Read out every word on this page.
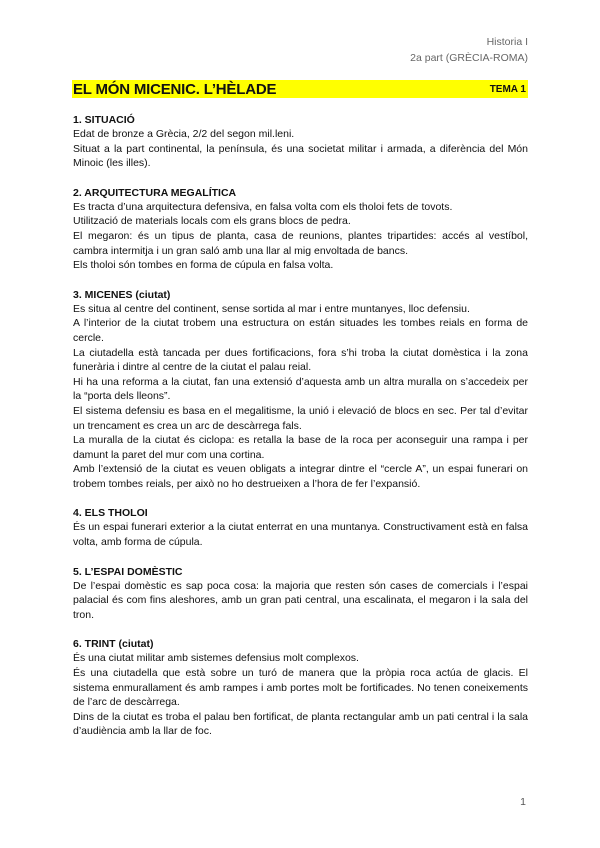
Historia I
2a part (GRÈCIA-ROMA)
EL MÓN MICENIC. L’HÈLADE	TEMA 1
1. SITUACIÓ
Edat de bronze a Grècia, 2/2 del segon mil.leni.
Situat a la part continental, la península, és una societat militar i armada, a diferència del Món Minoic (les illes).
2. ARQUITECTURA MEGALÍTICA
Es tracta d’una arquitectura defensiva, en falsa volta com els tholoi fets de tovots.
Utilització de materials locals com els grans blocs de pedra.
El megaron: és un tipus de planta, casa de reunions, plantes tripartides: accés al vestíbol, cambra intermitja i un gran saló amb una llar al mig envoltada de bancs.
Els tholoi són tombes en forma de cúpula en falsa volta.
3. MICENES (ciutat)
Es situa al centre del continent, sense sortida al mar i entre muntanyes, lloc defensiu.
A l’interior de la ciutat trobem una estructura on están situades les tombes reials en forma de cercle.
La ciutadella està tancada per dues fortificacions, fora s’hi troba la ciutat domèstica i la zona funerària i dintre al centre de la ciutat el palau reial.
Hi ha una reforma a la ciutat, fan una extensió d’aquesta amb un altra muralla on s’accedeix per la “porta dels lleons”.
El sistema defensiu es basa en el megalitisme, la unió i elevació de blocs en sec. Per tal d’evitar un trencament es crea un arc de descàrrega fals.
La muralla de la ciutat és ciclopa: es retalla la base de la roca per aconseguir una rampa i per damunt la paret del mur com una cortina.
Amb l’extensió de la ciutat es veuen obligats a integrar dintre el “cercle A”, un espai funerari on trobem tombes reials, per això no ho destrueixen a l’hora de fer l’expansió.
4. ELS THOLOI
És un espai funerari exterior a la ciutat enterrat en una muntanya. Constructivament està en falsa volta, amb forma de cúpula.
5. L’ESPAI DOMÈSTIC
De l’espai domèstic es sap poca cosa: la majoria que resten són cases de comercials i l’espai palacial és com fins aleshores, amb un gran pati central, una escalinata, el megaron i la sala del tron.
6. TRINT (ciutat)
És una ciutat militar amb sistemes defensius molt complexos.
És una ciutadella que està sobre un turó de manera que la pròpia roca actúa de glacis. El sistema enmurallament és amb rampes i amb portes molt be fortificades. No tenen coneixements de l’arc de descàrrega.
Dins de la ciutat es troba el palau ben fortificat, de planta rectangular amb un pati central i la sala d’audiència amb la llar de foc.
1
